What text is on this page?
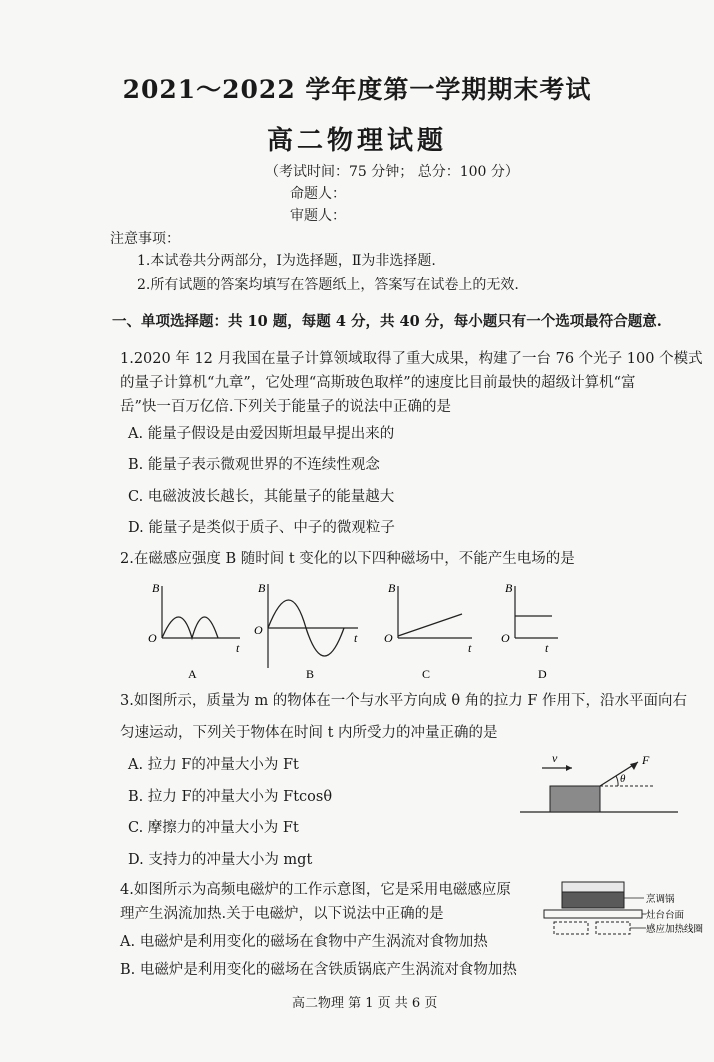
2021～2022 学年度第一学期期末考试
高二物理试题
（考试时间：75 分钟； 总分：100 分）
命题人：
审题人：
注意事项：
1.本试卷共分两部分，Ⅰ为选择题，Ⅱ为非选择题.
2.所有试题的答案均填写在答题纸上，答案写在试卷上的无效.
一、单项选择题：共 10 题，每题 4 分，共 40 分，每小题只有一个选项最符合题意.
1.2020 年 12 月我国在量子计算领域取得了重大成果，构建了一台 76 个光子 100 个模式
的量子计算机“九章”，它处理“高斯玻色取样”的速度比目前最快的超级计算机“富
岳”快一百万亿倍.下列关于能量子的说法中正确的是
A. 能量子假设是由爱因斯坦最早提出来的
B. 能量子表示微观世界的不连续性观念
C. 电磁波波长越长，其能量子的能量越大
D. 能量子是类似于质子、中子的微观粒子
2.在磁感应强度 B 随时间 t 变化的以下四种磁场中，不能产生电场的是
B
O
t
A
B
O
t
B
B
O
t
C
B
O
t
D
3.如图所示，质量为 m 的物体在一个与水平方向成 θ 角的拉力 F 作用下，沿水平面向右
匀速运动，下列关于物体在时间 t 内所受力的冲量正确的是
A. 拉力 F的冲量大小为 Ft
B. 拉力 F的冲量大小为 Ftcosθ
C. 摩擦力的冲量大小为 Ft
D. 支持力的冲量大小为 mgt
v	F
θ
4.如图所示为高频电磁炉的工作示意图，它是采用电磁感应原
理产生涡流加热.关于电磁炉，以下说法中正确的是
A. 电磁炉是利用变化的磁场在食物中产生涡流对食物加热
B. 电磁炉是利用变化的磁场在含铁质锅底产生涡流对食物加热
烹调锅
灶台台面
感应加热线圈
高二物理 第 1 页 共 6 页
